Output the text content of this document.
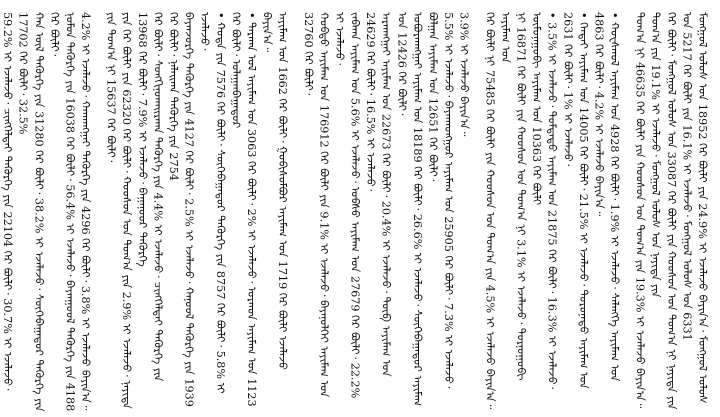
ᠮᠣᠩᠭᠣᠯ ᠤᠯᠤᠰ ᠤᠨ 18952 ᠭᠡᠷ ᠪᠦᠯᠢ ᠶᠢᠨ 24.9% ᠢ ᠡᠵᠡᠯᠡᠵᠦ ᠪᠠᠶᠢᠨ᠎ᠠ᠂ ᠮᠣᠩᠭᠣᠯ ᠤᠯᠤᠰ ᠤᠨ 5217 ᠭᠡᠷ ᠪᠦᠯᠢ ᠶᠢᠨ 16.1% ᠢ ᠡᠵᠡᠯᠡᠵᠦ᠂ ᠮᠣᠩᠭᠣᠯ ᠤᠯᠤᠰ ᠤᠨ 6331
ᠭᠡᠷ ᠪᠦᠯᠢ᠂ ᠮᠣᠩᠭᠣᠯ ᠤᠯᠤᠰ ᠤᠨ 33087 ᠭᠡᠷ ᠪᠦᠯᠢ ᠶᠢᠨ ᠬᠣᠣᠰᠣᠨ ᠤᠨ ᠲᠣᠭ᠎ᠠ ᠨᠢ ᠨᠡᠶᠢᠲᠡ ᠶᠢᠨ ᠲᠣᠭ᠎ᠠ ᠶᠢᠨ 19.1% ᠢ ᠡᠵᠡᠯᠡᠵᠦ᠂ ᠮᠣᠩᠭᠣᠯ ᠤᠯᠤᠰ ᠤᠨ ᠨᠡᠶᠢᠲᠡ ᠶᠢᠨ
ᠲᠣᠭ᠎ᠠ ᠨᠢ 46635 ᠭᠡᠷ ᠪᠦᠯᠢ ᠶᠢᠨ ᠬᠣᠣᠰᠣᠨ ᠤᠨ ᠲᠣᠭ᠎ᠠ ᠶᠢᠨ 19.3% ᠢ ᠡᠵᠡᠯᠡᠵᠦ ᠪᠠᠶᠢᠨ᠎ᠠ᠃
• ᠬᠣᠸᠰᠭᠣᠯ ᠠᠶᠢᠮᠠᠭ ᠤᠨ 4928 ᠭᠡᠷ ᠪᠦᠯᠢ᠂ 1.9% ᠢ ᠡᠵᠡᠯᠡᠵᠦ᠂ ᠰᠡᠯᠡᠩᠭᠡ ᠠᠶᠢᠮᠠᠭ ᠤᠨ 4863 ᠭᠡᠷ ᠪᠦᠯᠢ᠂ 4.2% ᠢ ᠡᠵᠡᠯᠡᠵᠦ ᠪᠠᠶᠢᠨ᠎ᠠ᠃
• ᠬᠡᠨᠲᠡᠢ ᠠᠶᠢᠮᠠᠭ ᠤᠨ 14005 ᠭᠡᠷ ᠪᠦᠯᠢ᠂ 21.5% ᠢ ᠡᠵᠡᠯᠡᠵᠦ᠂ ᠳᠣᠷᠣᠨᠠᠲᠤ ᠠᠶᠢᠮᠠᠭ ᠤᠨ 2631 ᠭᠡᠷ ᠪᠦᠯᠢ᠂ 1% ᠢ ᠡᠵᠡᠯᠡᠵᠦ᠂
• 3.5% ᠢ ᠡᠵᠡᠯᠡᠵᠦ᠂ ᠳᠤᠮᠳᠠᠳᠤ ᠠᠶᠢᠮᠠᠭ ᠤᠨ 21875 ᠭᠡᠷ ᠪᠦᠯᠢ᠂ 16.3% ᠢ ᠡᠵᠡᠯᠡᠵᠦ᠂ ᠦᠮᠦᠨᠡᠭᠣᠪᠢ ᠠᠶᠢᠮᠠᠭ ᠤᠨ 10363 ᠭᠡᠷ ᠪᠦᠯᠢ
ᠨᠢ 16871 ᠭᠡᠷ ᠪᠦᠯᠢ ᠶᠢᠨ ᠬᠣᠣᠰᠣᠨ ᠤᠨ ᠲᠣᠭ᠎ᠠ ᠨᠢ 3.1% ᠢ ᠡᠵᠡᠯᠡᠵᠦ᠂ ᠳᠣᠷᠨᠤᠭᠣᠪᠢ ᠠᠶᠢᠮᠠᠭ ᠤᠨ
ᠭᠡᠷ ᠪᠦᠯᠢ ᠨᠢ 75485 ᠭᠡᠷ ᠪᠦᠯᠢ ᠶᠢᠨ ᠬᠣᠣᠰᠣᠨ ᠤᠨ ᠲᠣᠭ᠎ᠠ ᠶᠢᠨ 4.5% ᠢ ᠡᠵᠡᠯᠡᠵᠦ ᠪᠠᠶᠢᠨ᠎ᠠ᠃
3.9% ᠢ ᠡᠵᠡᠯᠡᠵᠦ ᠪᠠᠶᠢᠨ᠎ᠠ᠃
5.5% ᠢ ᠡᠵᠡᠯᠡᠵᠦ᠂ ᠪᠠᠶᠠᠨᠬᠣᠩᠭᠣᠷ ᠠᠶᠢᠮᠠᠭ ᠤᠨ 25905 ᠭᠡᠷ ᠪᠦᠯᠢ᠂ 7.3% ᠢ ᠡᠵᠡᠯᠡᠵᠦ᠂ ᠪᠣᠯᠭᠠᠨ ᠠᠶᠢᠮᠠᠭ ᠤᠨ 12651 ᠭᠡᠷ ᠪᠦᠯᠢ᠂
ᠣᠪᠣᠷᠬᠠᠩᠭᠠᠢ ᠠᠶᠢᠮᠠᠭ ᠤᠨ 18189 ᠭᠡᠷ ᠪᠦᠯᠢ᠂ 26.6% ᠢ ᠡᠵᠡᠯᠡᠵᠦ᠂ ᠰᠦᠬᠡᠪᠠᠭᠠᠲᠤᠷ ᠠᠶᠢᠮᠠᠭ ᠤᠨ 12426 ᠭᠡᠷ ᠪᠦᠯᠢ᠂
ᠠᠷᠬᠠᠩᠭᠠᠢ ᠠᠶᠢᠮᠠᠭ ᠤᠨ 22673 ᠭᠡᠷ ᠪᠦᠯᠢ᠂ 20.4% ᠢ ᠡᠵᠡᠯᠡᠵᠦ᠂ ᠲᠥᠪ ᠠᠶᠢᠮᠠᠭ ᠤᠨ 24629 ᠭᠡᠷ ᠪᠦᠯᠢ᠂ 16.5% ᠢ ᠡᠵᠡᠯᠡᠵᠦ᠂
ᠵᠠᠪᠬᠠᠨ ᠠᠶᠢᠮᠠᠭ ᠤᠨ 5.6% ᠢ ᠡᠵᠡᠯᠡᠵᠦ᠂ ᠤᠪᠰᠤ ᠠᠶᠢᠮᠠᠭ ᠤᠨ 27679 ᠭᠡᠷ ᠪᠦᠯᠢ᠂ 22.2% ᠢ ᠡᠵᠡᠯᠡᠵᠦ᠂
ᠬᠣᠪᠳᠣ ᠠᠶᠢᠮᠠᠭ ᠤᠨ 176912 ᠭᠡᠷ ᠪᠦᠯᠢ ᠶᠢᠨ 9.1% ᠢ ᠡᠵᠡᠯᠡᠵᠦ᠂ ᠪᠠᠶᠠᠨᠥᠯᠭᠡᠢ ᠠᠶᠢᠮᠠᠭ ᠤᠨ 32760 ᠭᠡᠷ ᠪᠦᠯᠢ᠂
ᠠᠶᠢᠮᠠᠭ ᠤᠨ 1662 ᠭᠡᠷ ᠪᠦᠯᠢ᠂ ᠭᠣᠪᠢᠰᠦᠮᠪᠦᠷ ᠠᠶᠢᠮᠠᠭ ᠤᠨ 1719 ᠭᠡᠷ ᠪᠦᠯᠢ ᠡᠵᠡᠯᠡᠵᠦ ᠪᠠᠶᠢᠨ᠎ᠠ᠃
• ᠳᠠᠷᠬᠠᠨ ᠤᠯ ᠠᠶᠢᠮᠠᠭ ᠤᠨ 3063 ᠭᠡᠷ ᠪᠦᠯᠢ᠂ 2% ᠢ ᠡᠵᠡᠯᠡᠵᠦ᠂ ᠣᠷᠬᠣᠨ ᠠᠶᠢᠮᠠᠭ ᠤᠨ 1123 ᠭᠡᠷ ᠪᠦᠯᠢ᠂ ᠤᠯᠠᠭᠠᠨᠪᠠᠭᠠᠲᠤᠷ
• ᠬᠣᠲᠠ ᠶᠢᠨ 7576 ᠭᠡᠷ ᠪᠦᠯᠢ᠂ ᠰᠦᠬᠡᠪᠠᠭᠠᠲᠤᠷ ᠳᠡᠭᠦᠷᠭᠡ ᠶᠢᠨ 8757 ᠭᠡᠷ ᠪᠦᠯᠢ᠂ 5.8% ᠢ ᠡᠵᠡᠯᠡᠵᠦ᠂
ᠪᠠᠶᠠᠨᠵᠦᠷᠬᠡ ᠳᠡᠭᠦᠷᠭᠡ ᠶᠢᠨ 4127 ᠭᠡᠷ ᠪᠦᠯᠢ᠂ 2.5% ᠢ ᠡᠵᠡᠯᠡᠵᠦ᠂ ᠬᠠᠨᠤᠤᠯ ᠳᠡᠭᠦᠷᠭᠡ ᠶᠢᠨ 1939 ᠭᠡᠷ ᠪᠦᠯᠢ᠂ ᠨᠠᠯᠠᠢᠬᠠ ᠳᠡᠭᠦᠷᠭᠡ ᠶᠢᠨ 2754
ᠭᠡᠷ ᠪᠦᠯᠢ᠂ ᠰᠣᠩᠭᠢᠨᠣᠬᠠᠢᠷᠬᠠᠨ ᠳᠡᠭᠦᠷᠭᠡ ᠶᠢᠨ 4.4% ᠢ ᠡᠵᠡᠯᠡᠵᠦ᠂ ᠴᠢᠩᠭᠡᠯᠲᠡᠢ ᠳᠡᠭᠦᠷᠭᠡ ᠶᠢᠨ 13968 ᠭᠡᠷ ᠪᠦᠯᠢ᠂ 7.9% ᠢ ᠡᠵᠡᠯᠡᠵᠦ᠂ ᠪᠠᠭᠠᠨᠤᠤᠷ ᠳᠡᠭᠦᠷᠭᠡ
ᠶᠢᠨ ᠭᠡᠷ ᠪᠦᠯᠢ ᠶᠢᠨ 62320 ᠭᠡᠷ ᠪᠦᠯᠢ᠂ ᠬᠣᠣᠰᠣᠨ ᠤᠨ ᠲᠣᠭ᠎ᠠ ᠶᠢᠨ 2.9% ᠢ ᠡᠵᠡᠯᠡᠵᠦ᠂ ᠨᠡᠶᠢᠲᠡ ᠶᠢᠨ ᠲᠣᠭ᠎ᠠ ᠨᠢ 15637 ᠭᠡᠷ ᠪᠦᠯᠢ᠂
4.2% ᠢ ᠡᠵᠡᠯᠡᠵᠦ᠂ ᠬᠠᠨᠬᠠᠩᠭᠠᠢ ᠳᠡᠭᠦᠷᠭᠡ ᠶᠢᠨ 4296 ᠭᠡᠷ ᠪᠦᠯᠢ᠂ 3.8% ᠢ ᠡᠵᠡᠯᠡᠵᠦ ᠪᠠᠶᠢᠨ᠎ᠠ᠃
ᠨᠣᠮᠤᠨ ᠳᠡᠭᠦᠷᠭᠡ ᠶᠢᠨ 16038 ᠭᠡᠷ ᠪᠦᠯᠢ᠂ 56.4% ᠢ ᠡᠵᠡᠯᠡᠵᠦ᠂ ᠪᠠᠶᠠᠨᠭᠣᠣᠯ ᠳᠡᠭᠦᠷᠭᠡ ᠶᠢᠨ 4188 ᠭᠡᠷ ᠪᠦᠯᠢ᠂
ᠬᠠᠨ ᠦᠯ ᠳᠡᠭᠦᠷᠭᠡ ᠶᠢᠨ 31280 ᠭᠡᠷ ᠪᠦᠯᠢ᠂ 38.2% ᠢ ᠡᠵᠡᠯᠡᠵᠦ᠂ ᠰᠦᠬᠡᠪᠠᠭᠠᠲᠤᠷ ᠳᠡᠭᠦᠷᠭᠡ ᠶᠢᠨ 17702 ᠭᠡᠷ ᠪᠦᠯᠢ᠂ 32.5%
59.2% ᠢ ᠡᠵᠡᠯᠡᠵᠦ᠂ ᠴᠢᠩᠭᠡᠯᠲᠡᠢ ᠳᠡᠭᠦᠷᠭᠡ ᠶᠢᠨ 22104 ᠭᠡᠷ ᠪᠦᠯᠢ᠂ 30.7% ᠢ ᠡᠵᠡᠯᠡᠵᠦ᠂
